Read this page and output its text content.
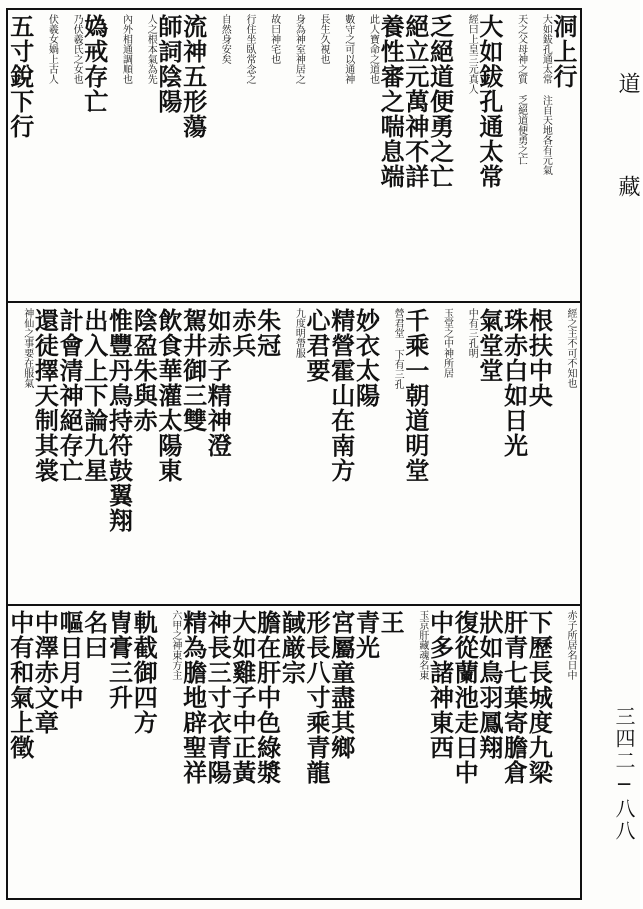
洞上行
大如鈸孔通太常 注自天地各有元氣
天之父母神之質 乏絕道便勇之亡
大如鈸孔通太常
經曰上皇三元真人
乏絕道便勇之亡
絕立元萬神不詳
養性審之喘息端
此人寶命之道也
數守之可以通神
長生久視也
身為神室神居之
故曰神宅也
行住坐臥常念之
自然身安矣
流神五形蕩
師詞陰陽
人之根本氣為先
內外相通調順也
媯戒存亡
乃伏羲氏之女也
伏羲女媧上古人
五寸銳下行
經之主不可不知也
根扶中央
珠赤白如日光
氣堂堂
中有三孔明
玉堂之中神所居
千乘一朝道明堂
營君堂 下有三孔
妙衣太陽
精營霍山在南方
心君要
九度明帶服
朱冠
赤兵
如赤子精神澄
駕井御三雙
飲食華灌太陽東
陰盈朱與赤
惟豐丹鳥持符鼓翼翔
出入上下論九星
計會清神絕存亡
還徒擇天制其裳
神仙之事要在服氣
赤子所居名日中
下歷長城度九梁
肝青七葉寄膽倉
狀如鳥羽鳳翔
復從蘭池走日中
中多諸神東西
玉京肝藏魂名東
王
青光
宮屬童盡其鄉
形長八寸乘青龍
馘厳宗
膽在肝中色綠漿
大如雞子中正黃
神長三寸衣青陽
精為膽地辟聖祥
六甲之神東方主
軌截御四方
冑膏三升
名曰
嘔日月中
中澤赤文章
中有和氣上徵
道 藏
三四二─八八
